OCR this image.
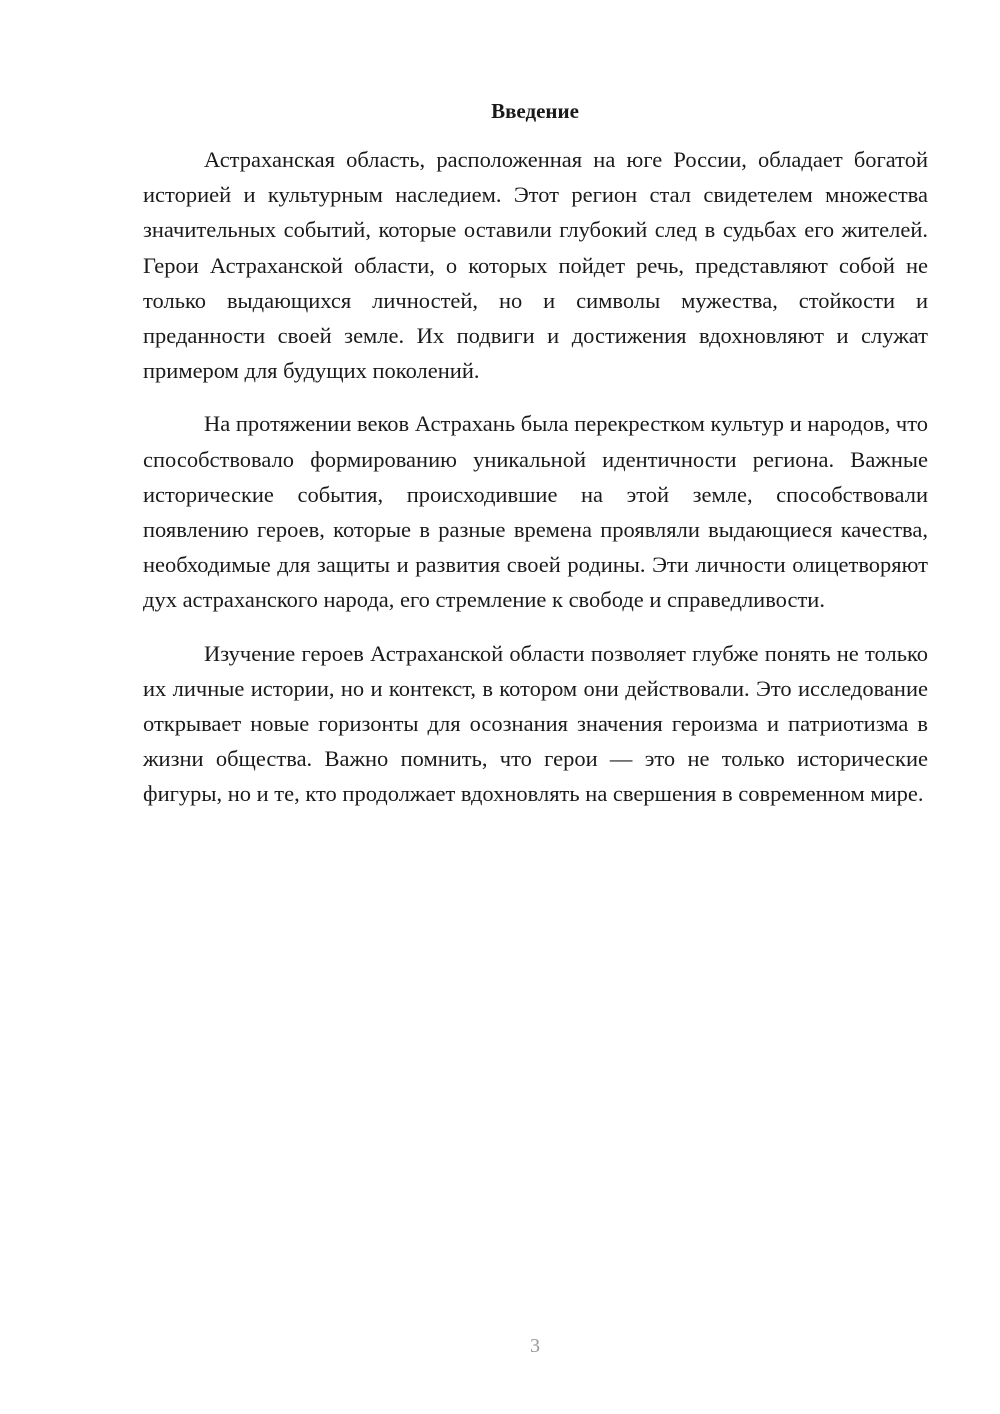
Введение

Астраханская область, расположенная на юге России, обладает богатой историей и культурным наследием. Этот регион стал свидетелем множества значительных событий, которые оставили глубокий след в судьбах его жителей. Герои Астраханской области, о которых пойдет речь, представляют собой не только выдающихся личностей, но и символы мужества, стойкости и преданности своей земле. Их подвиги и достижения вдохновляют и служат примером для будущих поколений.

На протяжении веков Астрахань была перекрестком культур и народов, что способствовало формированию уникальной идентичности региона. Важные исторические события, происходившие на этой земле, способствовали появлению героев, которые в разные времена проявляли выдающиеся качества, необходимые для защиты и развития своей родины. Эти личности олицетворяют дух астраханского народа, его стремление к свободе и справедливости.

Изучение героев Астраханской области позволяет глубже понять не только их личные истории, но и контекст, в котором они действовали. Это исследование открывает новые горизонты для осознания значения героизма и патриотизма в жизни общества. Важно помнить, что герои — это не только исторические фигуры, но и те, кто продолжает вдохновлять на свершения в современном мире.

3
